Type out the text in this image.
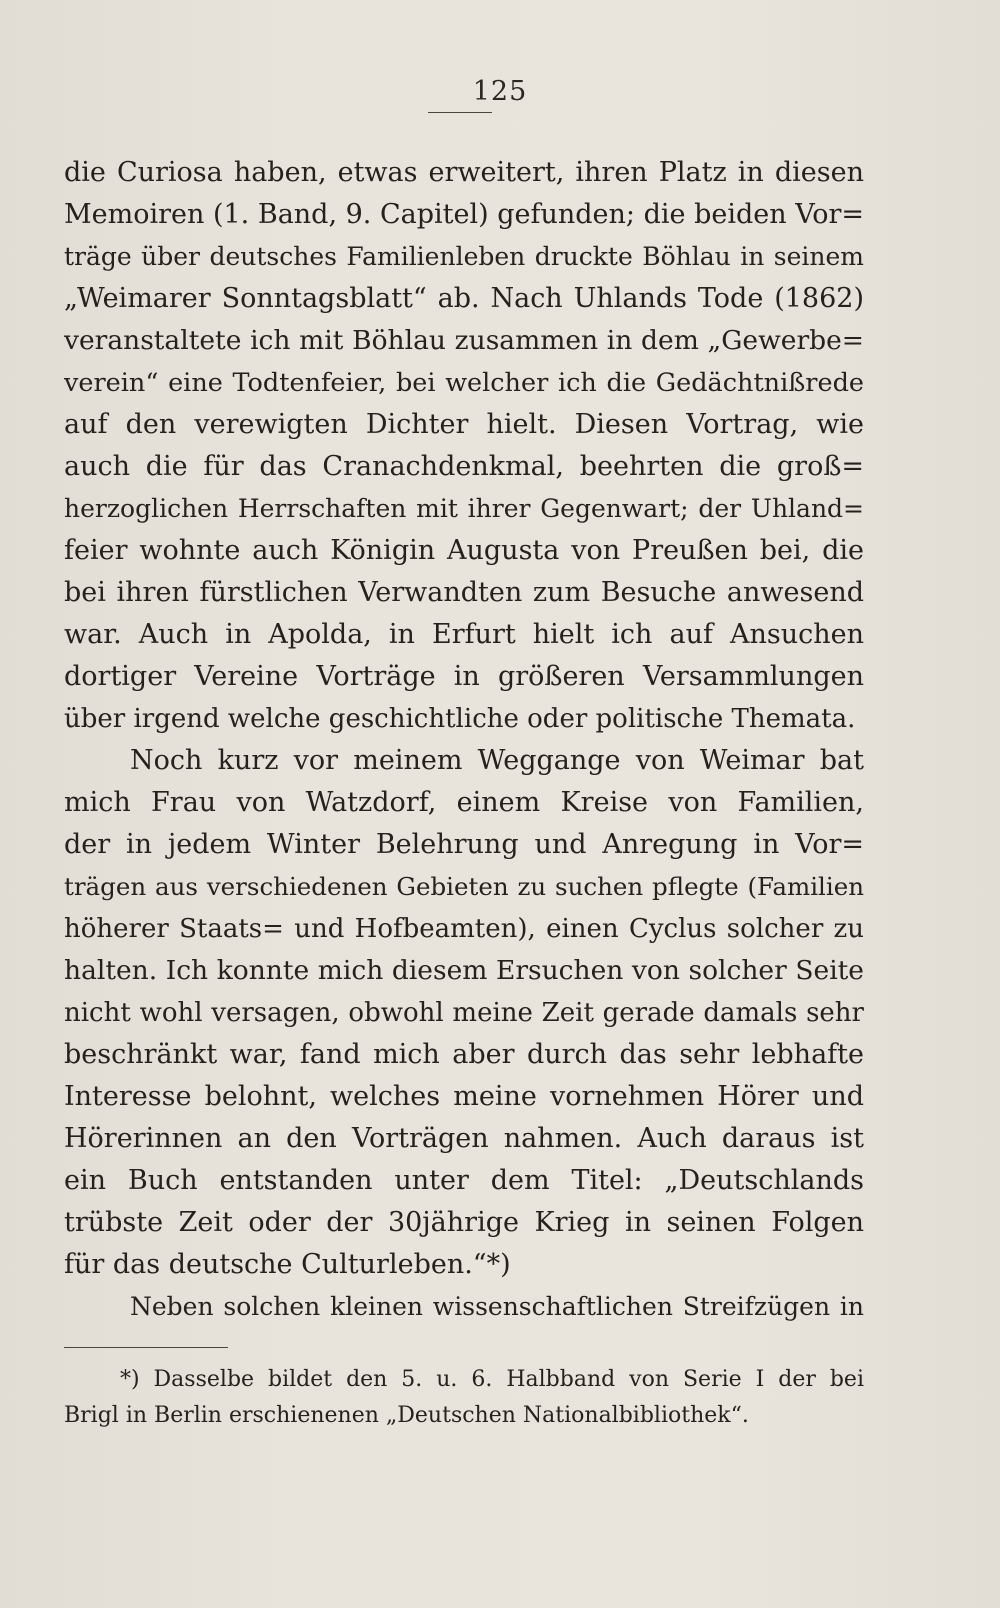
125
die Curiosa haben, etwas erweitert, ihren Platz in diesen
Memoiren (1. Band, 9. Capitel) gefunden; die beiden Vor=
träge über deutsches Familienleben druckte Böhlau in seinem
„Weimarer Sonntagsblatt“ ab. Nach Uhlands Tode (1862)
veranstaltete ich mit Böhlau zusammen in dem „Gewerbe=
verein“ eine Todtenfeier, bei welcher ich die Gedächtnißrede
auf den verewigten Dichter hielt. Diesen Vortrag, wie
auch die für das Cranachdenkmal, beehrten die groß=
herzoglichen Herrschaften mit ihrer Gegenwart; der Uhland=
feier wohnte auch Königin Augusta von Preußen bei, die
bei ihren fürstlichen Verwandten zum Besuche anwesend
war. Auch in Apolda, in Erfurt hielt ich auf Ansuchen
dortiger Vereine Vorträge in größeren Versammlungen
über irgend welche geschichtliche oder politische Themata.
Noch kurz vor meinem Weggange von Weimar bat
mich Frau von Watzdorf, einem Kreise von Familien,
der in jedem Winter Belehrung und Anregung in Vor=
trägen aus verschiedenen Gebieten zu suchen pflegte (Familien
höherer Staats= und Hofbeamten), einen Cyclus solcher zu
halten. Ich konnte mich diesem Ersuchen von solcher Seite
nicht wohl versagen, obwohl meine Zeit gerade damals sehr
beschränkt war, fand mich aber durch das sehr lebhafte
Interesse belohnt, welches meine vornehmen Hörer und
Hörerinnen an den Vorträgen nahmen. Auch daraus ist
ein Buch entstanden unter dem Titel: „Deutschlands
trübste Zeit oder der 30jährige Krieg in seinen Folgen
für das deutsche Culturleben.“*)
Neben solchen kleinen wissenschaftlichen Streifzügen in
*) Dasselbe bildet den 5. u. 6. Halbband von Serie I der bei
Brigl in Berlin erschienenen „Deutschen Nationalbibliothek“.
